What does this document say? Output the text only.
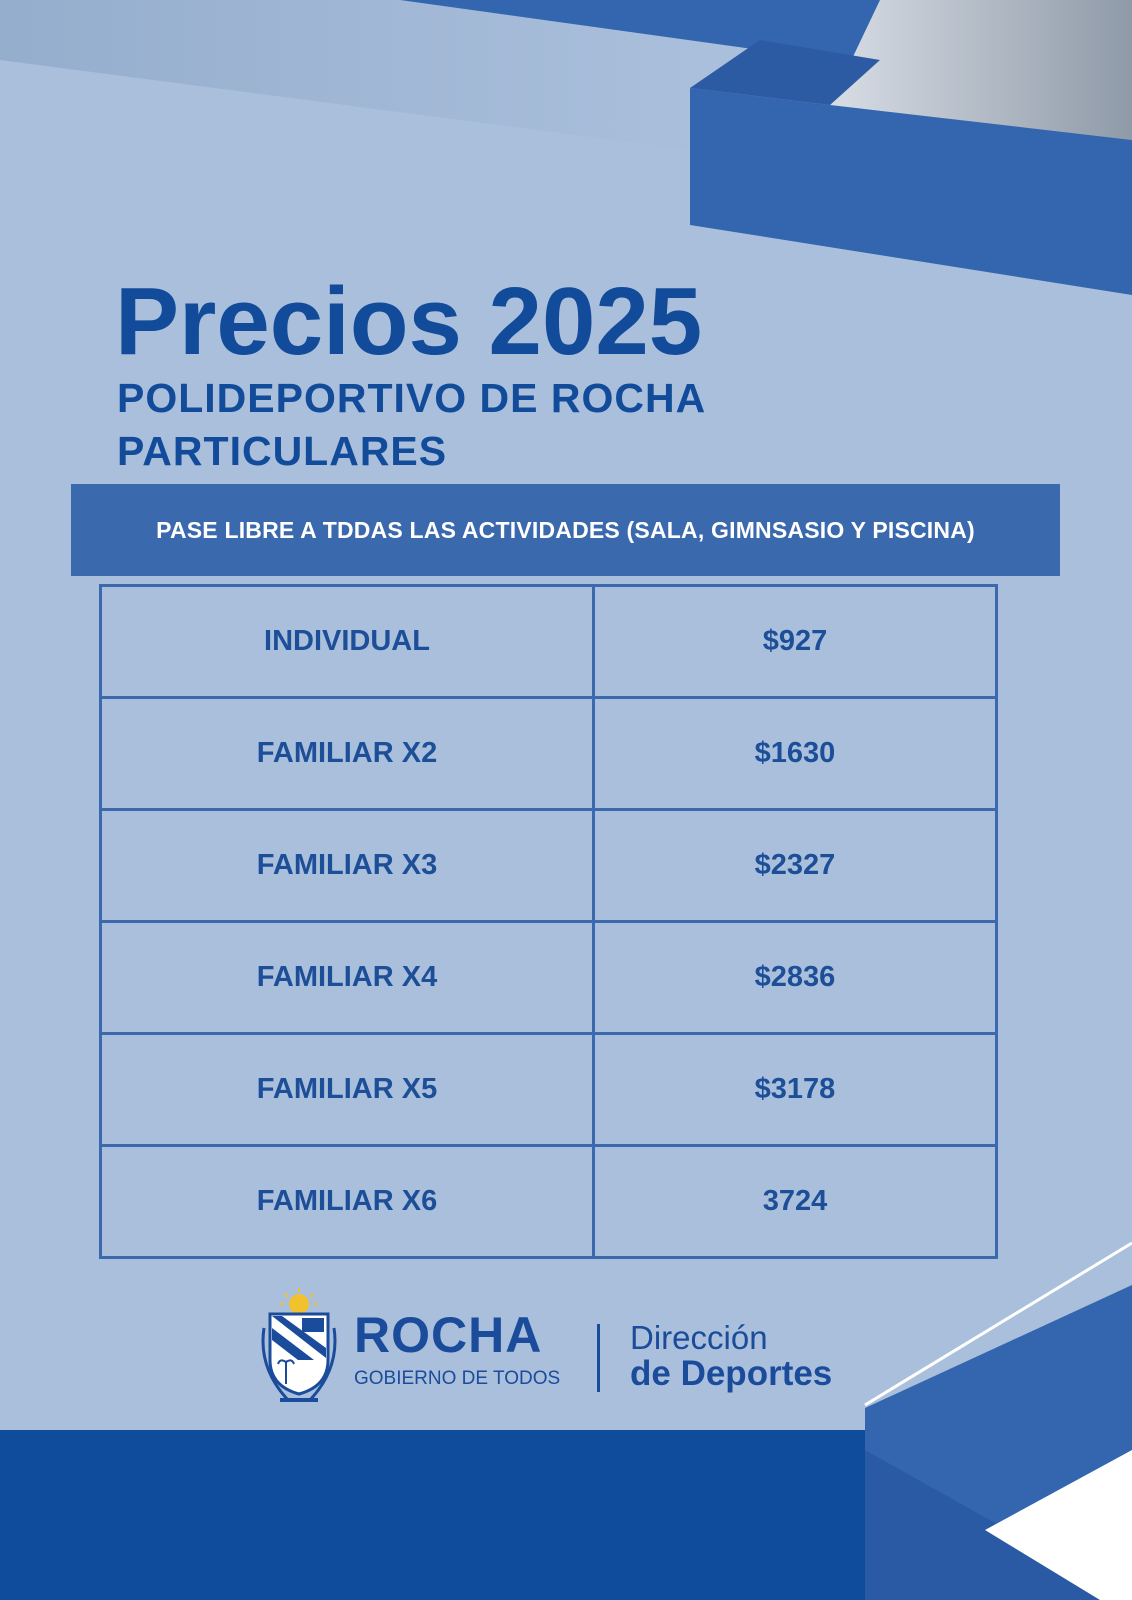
Precios 2025
POLIDEPORTIVO DE ROCHA
PARTICULARES
PASE LIBRE A TDDAS LAS ACTIVIDADES (SALA, GIMNSASIO Y PISCINA)
INDIVIDUAL	$927
FAMILIAR X2	$1630
FAMILIAR X3	$2327
FAMILIAR X4	$2836
FAMILIAR X5	$3178
FAMILIAR X6	3724
ROCHA
GOBIERNO DE TODOS
Dirección
de Deportes
